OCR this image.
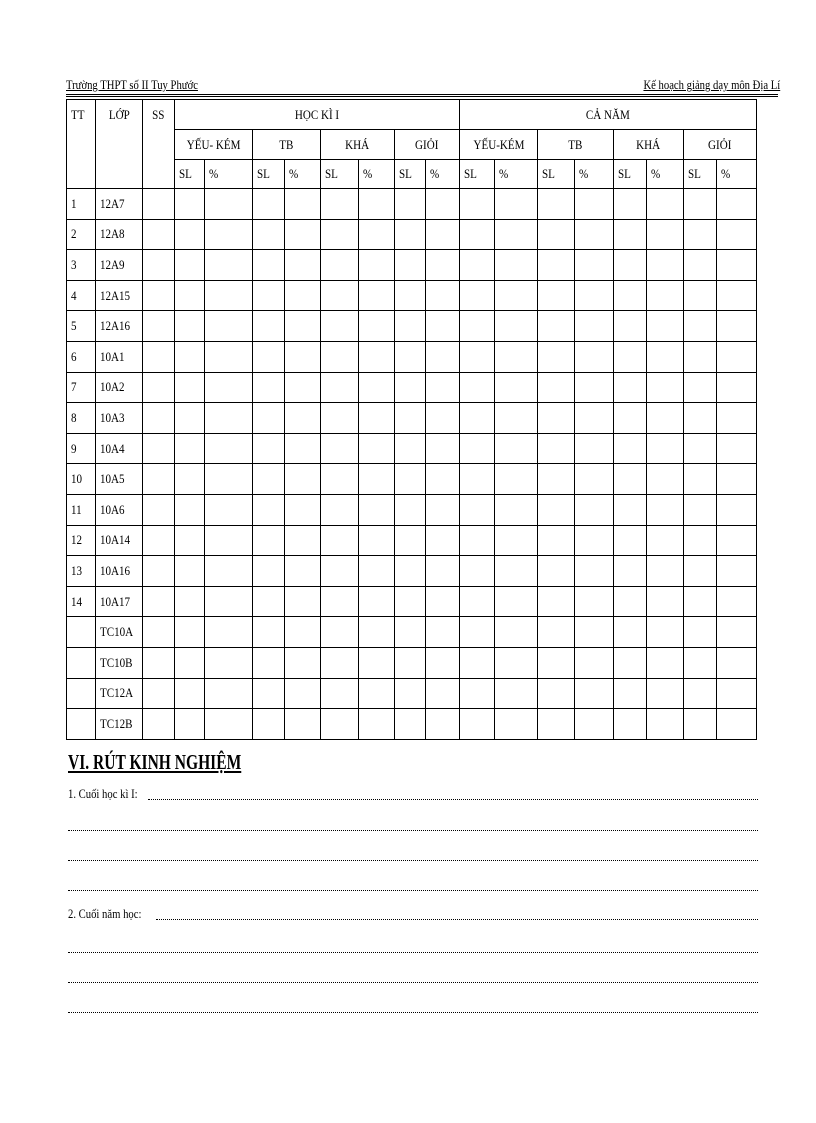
Trường THPT số II Tuy Phước	Kế hoạch giảng dạy môn Địa Lí
TT	LỚP	SS	HỌC KÌ I								CẢ NĂM							
			YẾU- KÉM		TB		KHÁ		GIỎI		YẾU-KÉM		TB		KHÁ		GIỎI	
			SL	%	SL	%	SL	%	SL	%	SL	%	SL	%	SL	%	SL	%
1	12A7																	
2	12A8																	
3	12A9																	
4	12A15																	
5	12A16																	
6	10A1																	
7	10A2																	
8	10A3																	
9	10A4																	
10	10A5																	
11	10A6																	
12	10A14																	
13	10A16																	
14	10A17																	
	TC10A																	
	TC10B																	
	TC12A																	
	TC12B																	
VI. RÚT KINH NGHIỆM
1. Cuối học kì I:
2. Cuối năm học:
